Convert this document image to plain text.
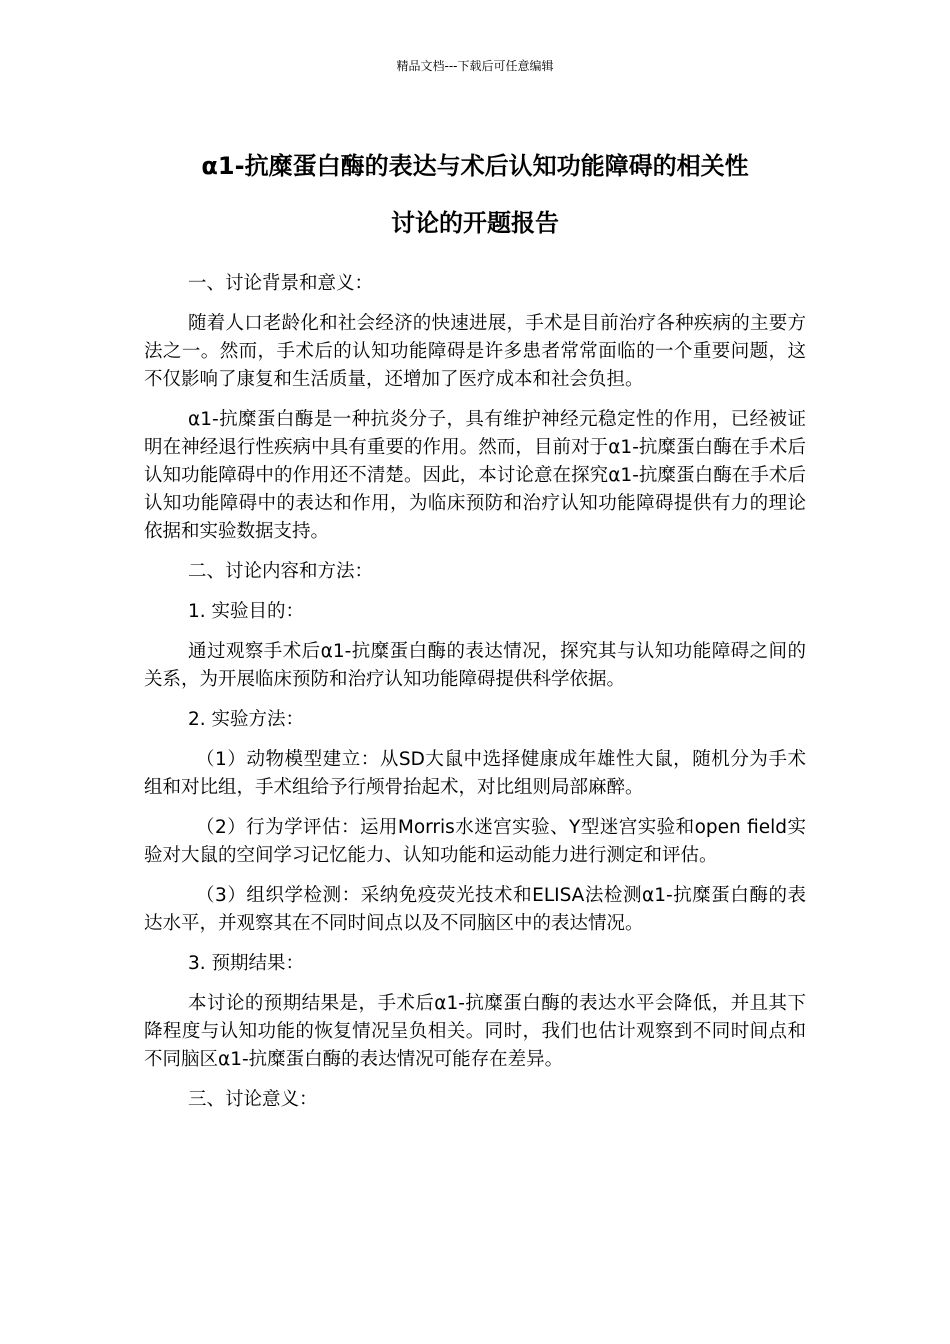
精品文档---下载后可任意编辑
α1-抗糜蛋白酶的表达与术后认知功能障碍的相关性
讨论的开题报告

一、讨论背景和意义：

随着人口老龄化和社会经济的快速进展，手术是目前治疗各种疾病的主要方法之一。然而，手术后的认知功能障碍是许多患者常常面临的一个重要问题，这不仅影响了康复和生活质量，还增加了医疗成本和社会负担。

α1-抗糜蛋白酶是一种抗炎分子，具有维护神经元稳定性的作用，已经被证明在神经退行性疾病中具有重要的作用。然而，目前对于α1-抗糜蛋白酶在手术后认知功能障碍中的作用还不清楚。因此，本讨论意在探究α1-抗糜蛋白酶在手术后认知功能障碍中的表达和作用，为临床预防和治疗认知功能障碍提供有力的理论依据和实验数据支持。

二、讨论内容和方法：

1. 实验目的：

通过观察手术后α1-抗糜蛋白酶的表达情况，探究其与认知功能障碍之间的关系，为开展临床预防和治疗认知功能障碍提供科学依据。

2. 实验方法：

（1）动物模型建立：从SD大鼠中选择健康成年雄性大鼠，随机分为手术组和对比组，手术组给予行颅骨抬起术，对比组则局部麻醉。

（2）行为学评估：运用Morris水迷宫实验、Y型迷宫实验和open field实验对大鼠的空间学习记忆能力、认知功能和运动能力进行测定和评估。

（3）组织学检测：采纳免疫荧光技术和ELISA法检测α1-抗糜蛋白酶的表达水平，并观察其在不同时间点以及不同脑区中的表达情况。

3. 预期结果：

本讨论的预期结果是，手术后α1-抗糜蛋白酶的表达水平会降低，并且其下降程度与认知功能的恢复情况呈负相关。同时，我们也估计观察到不同时间点和不同脑区α1-抗糜蛋白酶的表达情况可能存在差异。

三、讨论意义：
